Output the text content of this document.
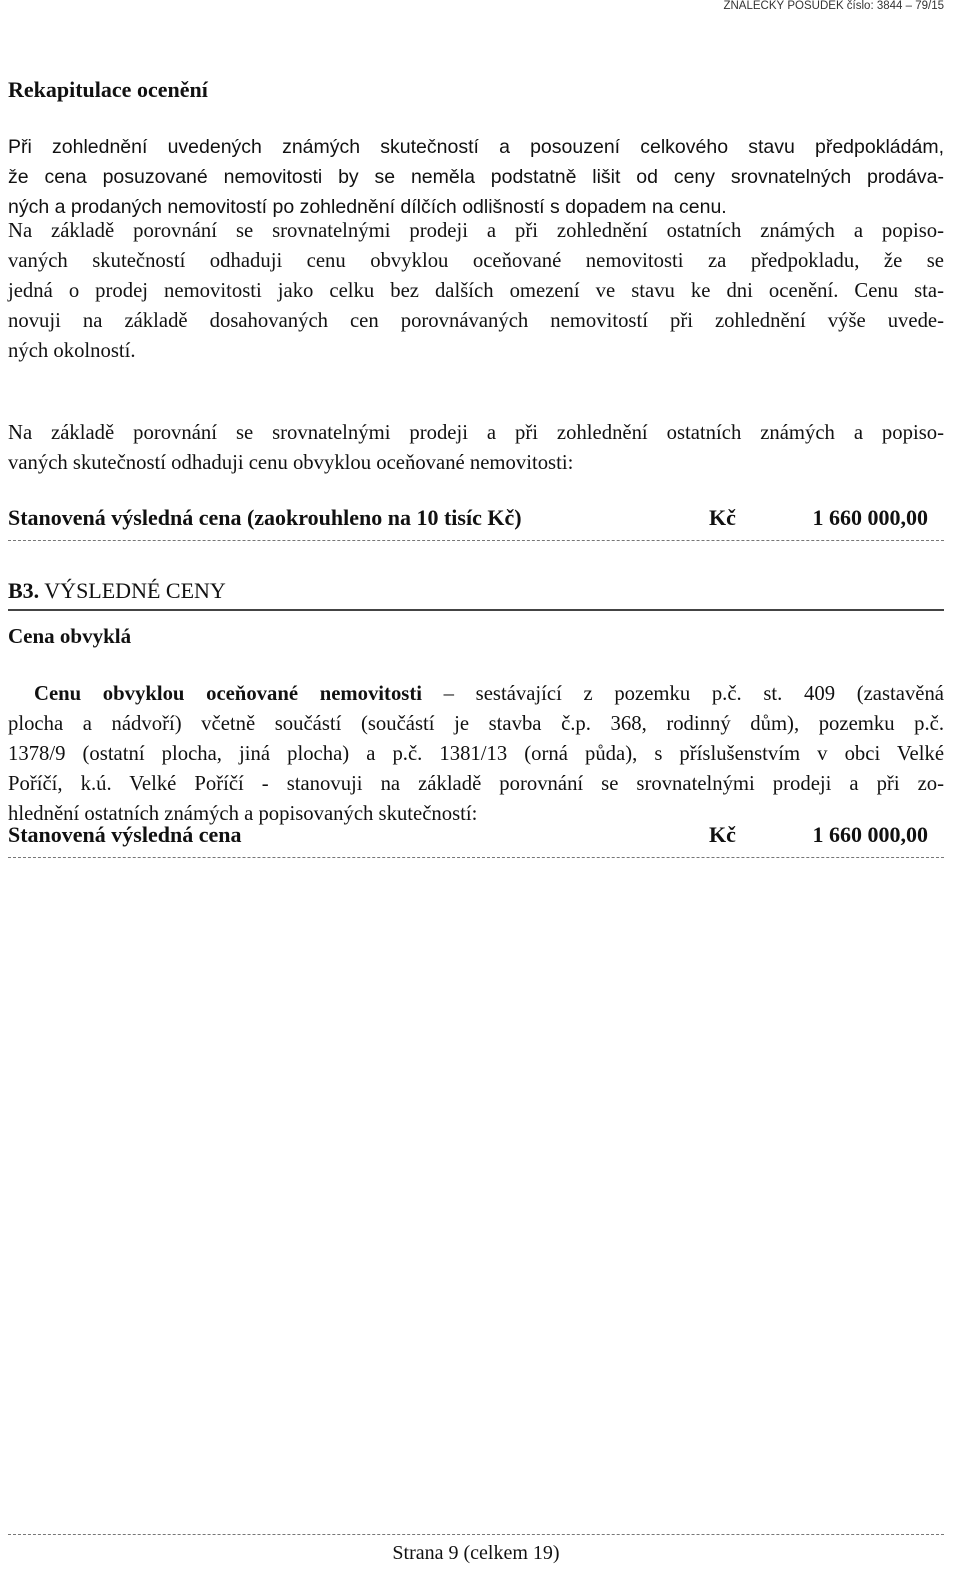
ZNALECKÝ POSUDEK číslo: 3844 – 79/15
Rekapitulace ocenění
Při zohlednění uvedených známých skutečností a posouzení celkového stavu předpokládám,
že cena posuzované nemovitosti by se neměla podstatně lišit od ceny srovnatelných prodáva-
ných a prodaných nemovitostí po zohlednění dílčích odlišností s dopadem na cenu.
Na základě porovnání se srovnatelnými prodeji a při zohlednění ostatních známých a popiso-
vaných skutečností odhaduji cenu obvyklou oceňované nemovitosti za předpokladu, že se
jedná o prodej nemovitosti jako celku bez dalších omezení ve stavu ke dni ocenění. Cenu sta-
novuji na základě dosahovaných cen porovnávaných nemovitostí při zohlednění výše uvede-
ných okolností.
Na základě porovnání se srovnatelnými prodeji a při zohlednění ostatních známých a popiso-
vaných skutečností odhaduji cenu obvyklou oceňované nemovitosti:
Stanovená výsledná cena (zaokrouhleno na 10 tisíc Kč)	Kč	1 660 000,00
B3. VÝSLEDNÉ CENY
Cena obvyklá
Cenu obvyklou oceňované nemovitosti – sestávající z pozemku p.č. st. 409 (zastavěná
plocha a nádvoří) včetně součástí (součástí je stavba č.p. 368, rodinný dům), pozemku p.č.
1378/9 (ostatní plocha, jiná plocha) a p.č. 1381/13 (orná půda), s příslušenstvím v obci Velké
Poříčí, k.ú. Velké Poříčí - stanovuji na základě porovnání se srovnatelnými prodeji a při zo-
hlednění ostatních známých a popisovaných skutečností:
Stanovená výsledná cena	Kč	1 660 000,00
Strana 9 (celkem 19)
